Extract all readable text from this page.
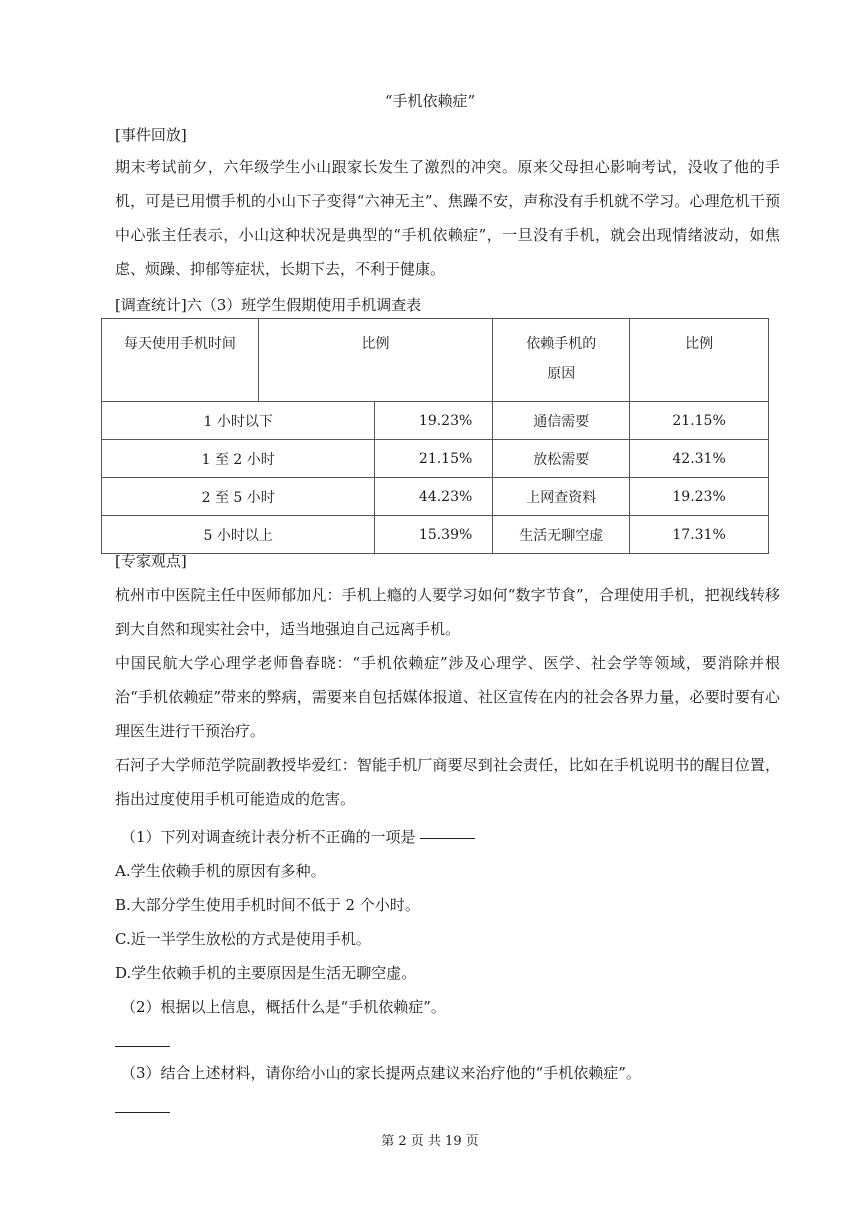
“手机依赖症”
[事件回放]
期末考试前夕，六年级学生小山跟家长发生了激烈的冲突。原来父母担心影响考试，没收了他的手机，可是已用惯手机的小山下子变得“六神无主”、焦躁不安，声称没有手机就不学习。心理危机干预中心张主任表示，小山这种状况是典型的“手机依赖症”，一旦没有手机，就会出现情绪波动，如焦虑、烦躁、抑郁等症状，长期下去，不利于健康。
[调查统计]六（3）班学生假期使用手机调查表
每天使用手机时间	比例		依赖手机的原因	比例
1 小时以下		19.23%	通信需要	21.15%
1 至 2 小时		21.15%	放松需要	42.31%
2 至 5 小时		44.23%	上网查资料	19.23%
5 小时以上		15.39%	生活无聊空虚	17.31%
[专家观点]
杭州市中医院主任中医师郁加凡：手机上瘾的人要学习如何“数字节食”，合理使用手机，把视线转移到大自然和现实社会中，适当地强迫自己远离手机。
中国民航大学心理学老师鲁春晓：“手机依赖症”涉及心理学、医学、社会学等领域，要消除并根治“手机依赖症”带来的弊病，需要来自包括媒体报道、社区宣传在内的社会各界力量，必要时要有心理医生进行干预治疗。
石河子大学师范学院副教授毕爱红：智能手机厂商要尽到社会责任，比如在手机说明书的醒目位置，指出过度使用手机可能造成的危害。
（1）下列对调查统计表分析不正确的一项是
A.学生依赖手机的原因有多种。
B.大部分学生使用手机时间不低于 2 个小时。
C.近一半学生放松的方式是使用手机。
D.学生依赖手机的主要原因是生活无聊空虚。
（2）根据以上信息，概括什么是“手机依赖症”。
（3）结合上述材料，请你给小山的家长提两点建议来治疗他的“手机依赖症”。
第 2 页 共 19 页
